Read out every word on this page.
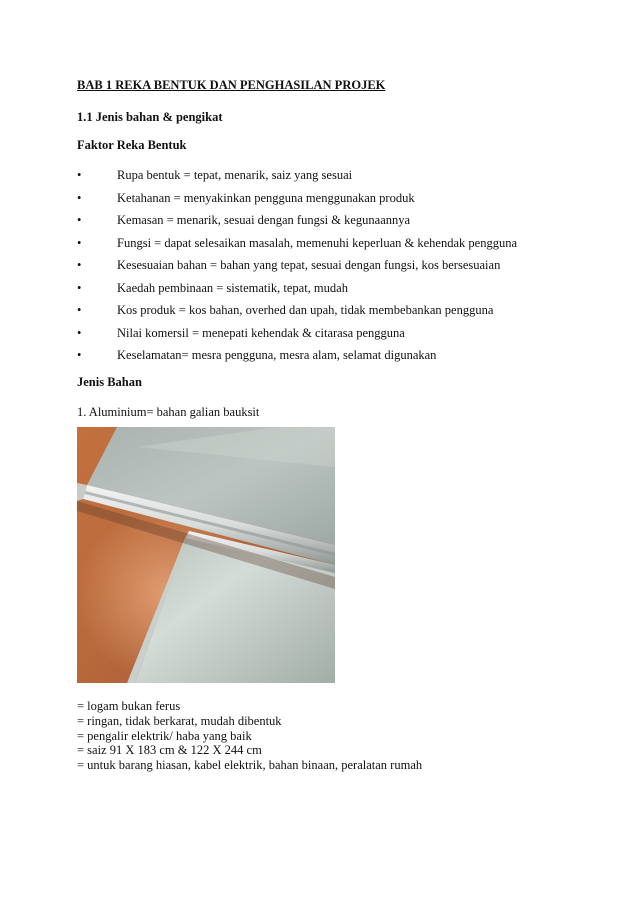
BAB 1 REKA BENTUK DAN PENGHASILAN PROJEK

1.1 Jenis bahan & pengikat

Faktor Reka Bentuk

•	Rupa bentuk = tepat, menarik, saiz yang sesuai
•	Ketahanan = menyakinkan pengguna menggunakan produk
•	Kemasan = menarik, sesuai dengan fungsi & kegunaannya
•	Fungsi = dapat selesaikan masalah, memenuhi keperluan & kehendak pengguna
•	Kesesuaian bahan = bahan yang tepat, sesuai dengan fungsi, kos bersesuaian
•	Kaedah pembinaan = sistematik, tepat, mudah
•	Kos produk = kos bahan, overhed dan upah, tidak membebankan pengguna
•	Nilai komersil = menepati kehendak & citarasa pengguna
•	Keselamatan= mesra pengguna, mesra alam, selamat digunakan

Jenis Bahan

1. Aluminium= bahan galian bauksit

= logam bukan ferus
= ringan, tidak berkarat, mudah dibentuk
= pengalir elektrik/ haba yang baik
= saiz 91 X 183 cm & 122 X 244 cm
= untuk barang hiasan, kabel elektrik, bahan binaan, peralatan rumah
